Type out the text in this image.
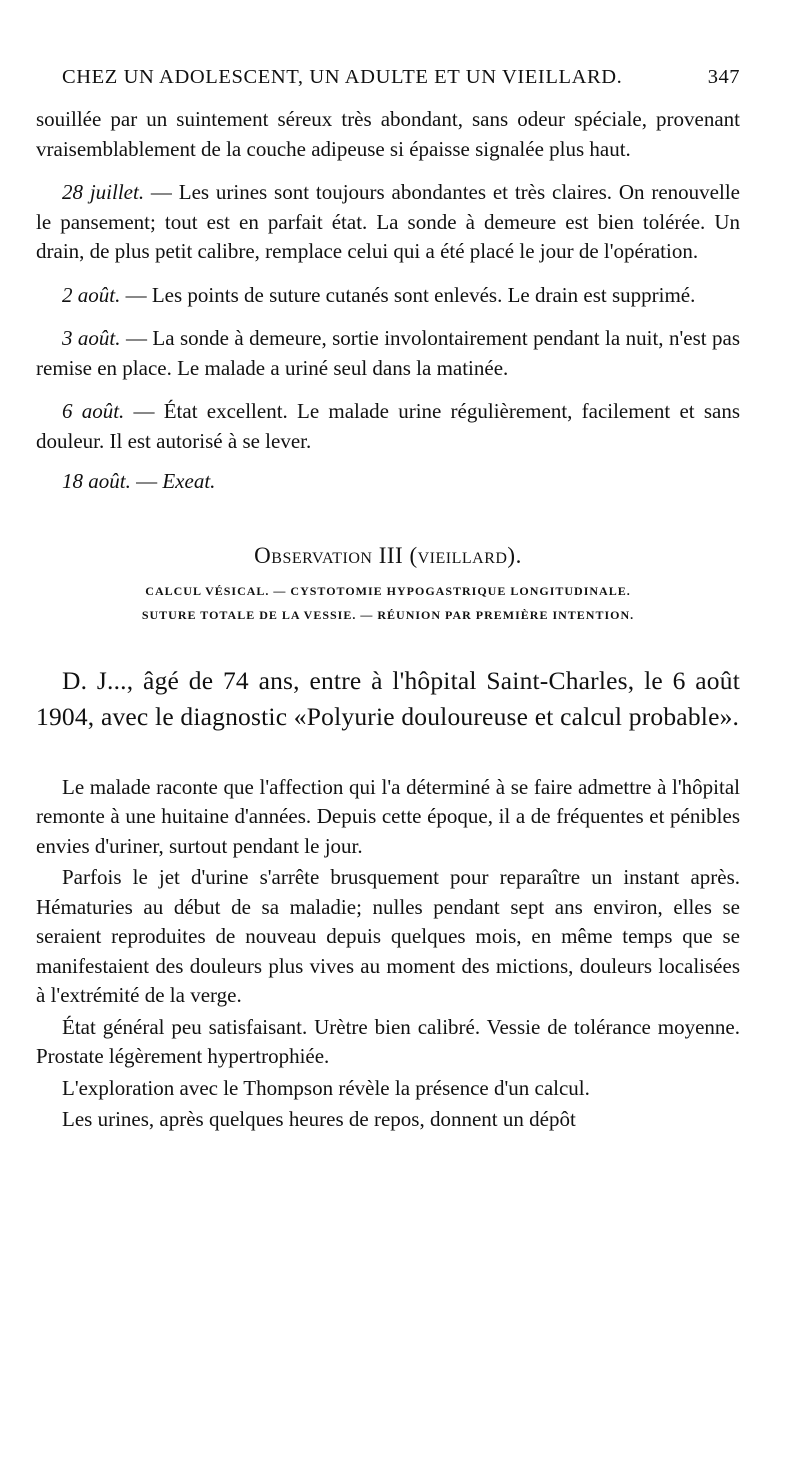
CHEZ UN ADOLESCENT, UN ADULTE ET UN VIEILLARD.	347

souillée par un suintement séreux très abondant, sans odeur spéciale, provenant vraisemblablement de la couche adipeuse si épaisse signalée plus haut.

28 juillet. — Les urines sont toujours abondantes et très claires. On renouvelle le pansement; tout est en parfait état. La sonde à demeure est bien tolérée. Un drain, de plus petit calibre, remplace celui qui a été placé le jour de l'opération.

2 août. — Les points de suture cutanés sont enlevés. Le drain est supprimé.

3 août. — La sonde à demeure, sortie involontairement pendant la nuit, n'est pas remise en place. Le malade a uriné seul dans la matinée.

6 août. — État excellent. Le malade urine régulièrement, facilement et sans douleur. Il est autorisé à se lever.

18 août. — Exeat.

Observation III (vieillard).
CALCUL VÉSICAL. — CYSTOTOMIE HYPOGASTRIQUE LONGITUDINALE.
SUTURE TOTALE DE LA VESSIE. — RÉUNION PAR PREMIÈRE INTENTION.

D. J..., âgé de 74 ans, entre à l'hôpital Saint-Charles, le 6 août 1904, avec le diagnostic «Polyurie douloureuse et calcul probable».

Le malade raconte que l'affection qui l'a déterminé à se faire admettre à l'hôpital remonte à une huitaine d'années. Depuis cette époque, il a de fréquentes et pénibles envies d'uriner, surtout pendant le jour.

Parfois le jet d'urine s'arrête brusquement pour reparaître un instant après. Hématuries au début de sa maladie; nulles pendant sept ans environ, elles se seraient reproduites de nouveau depuis quelques mois, en même temps que se manifestaient des douleurs plus vives au moment des mictions, douleurs localisées à l'extrémité de la verge.

État général peu satisfaisant. Urètre bien calibré. Vessie de tolérance moyenne. Prostate légèrement hypertrophiée.

L'exploration avec le Thompson révèle la présence d'un calcul.

Les urines, après quelques heures de repos, donnent un dépôt
